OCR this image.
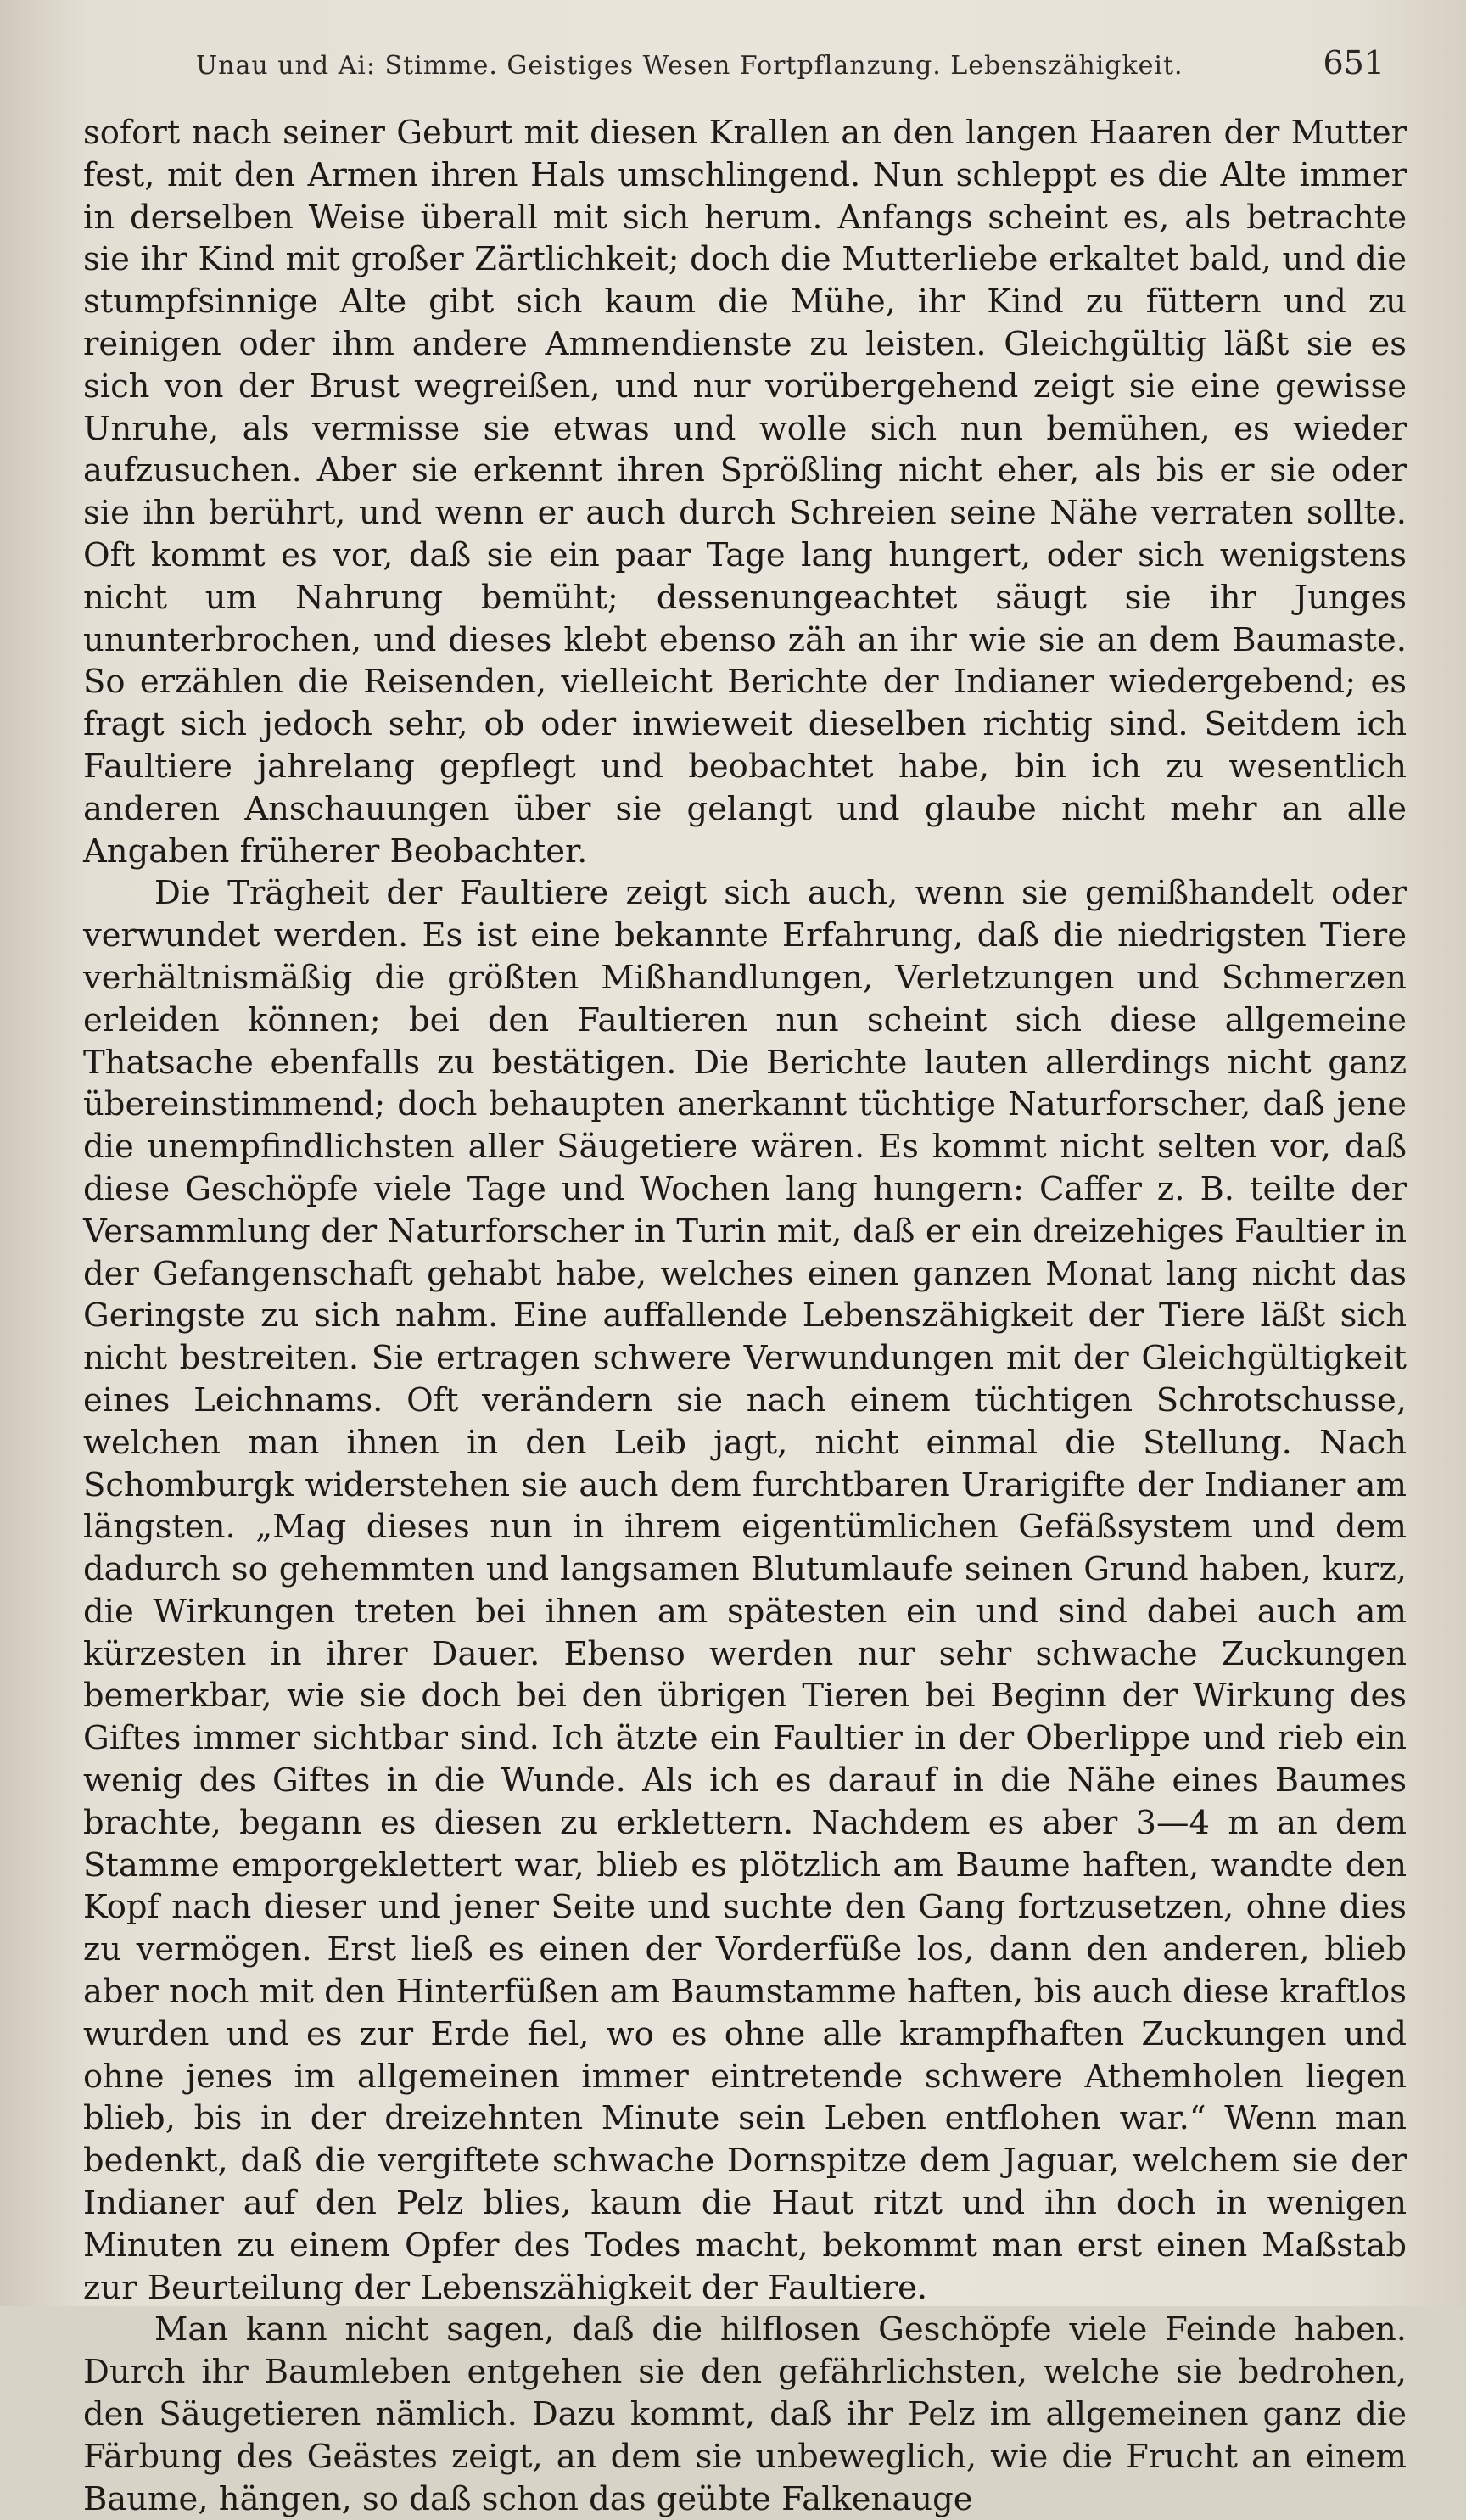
Unau und Ai: Stimme. Geistiges Wesen Fortpflanzung. Lebenszähigkeit.	651

sofort nach seiner Geburt mit diesen Krallen an den langen Haaren der Mutter fest, mit den Armen ihren Hals umschlingend. Nun schleppt es die Alte immer in derselben Weise überall mit sich herum. Anfangs scheint es, als betrachte sie ihr Kind mit großer Zärtlichkeit; doch die Mutterliebe erkaltet bald, und die stumpfsinnige Alte gibt sich kaum die Mühe, ihr Kind zu füttern und zu reinigen oder ihm andere Ammendienste zu leisten. Gleichgültig läßt sie es sich von der Brust wegreißen, und nur vorübergehend zeigt sie eine gewisse Unruhe, als vermisse sie etwas und wolle sich nun bemühen, es wieder aufzusuchen. Aber sie erkennt ihren Sprößling nicht eher, als bis er sie oder sie ihn berührt, und wenn er auch durch Schreien seine Nähe verraten sollte. Oft kommt es vor, daß sie ein paar Tage lang hungert, oder sich wenigstens nicht um Nahrung bemüht; dessenungeachtet säugt sie ihr Junges ununterbrochen, und dieses klebt ebenso zäh an ihr wie sie an dem Baumaste. So erzählen die Reisenden, vielleicht Berichte der Indianer wiedergebend; es fragt sich jedoch sehr, ob oder inwieweit dieselben richtig sind. Seitdem ich Faultiere jahrelang gepflegt und beobachtet habe, bin ich zu wesentlich anderen Anschauungen über sie gelangt und glaube nicht mehr an alle Angaben früherer Beobachter.

Die Trägheit der Faultiere zeigt sich auch, wenn sie gemißhandelt oder verwundet werden. Es ist eine bekannte Erfahrung, daß die niedrigsten Tiere verhältnismäßig die größten Mißhandlungen, Verletzungen und Schmerzen erleiden können; bei den Faultieren nun scheint sich diese allgemeine Thatsache ebenfalls zu bestätigen. Die Berichte lauten allerdings nicht ganz übereinstimmend; doch behaupten anerkannt tüchtige Naturforscher, daß jene die unempfindlichsten aller Säugetiere wären. Es kommt nicht selten vor, daß diese Geschöpfe viele Tage und Wochen lang hungern: Caffer z. B. teilte der Versammlung der Naturforscher in Turin mit, daß er ein dreizehiges Faultier in der Gefangenschaft gehabt habe, welches einen ganzen Monat lang nicht das Geringste zu sich nahm. Eine auffallende Lebenszähigkeit der Tiere läßt sich nicht bestreiten. Sie ertragen schwere Verwundungen mit der Gleichgültigkeit eines Leichnams. Oft verändern sie nach einem tüchtigen Schrotschusse, welchen man ihnen in den Leib jagt, nicht einmal die Stellung. Nach Schomburgk widerstehen sie auch dem furchtbaren Urarigifte der Indianer am längsten. „Mag dieses nun in ihrem eigentümlichen Gefäßsystem und dem dadurch so gehemmten und langsamen Blutumlaufe seinen Grund haben, kurz, die Wirkungen treten bei ihnen am spätesten ein und sind dabei auch am kürzesten in ihrer Dauer. Ebenso werden nur sehr schwache Zuckungen bemerkbar, wie sie doch bei den übrigen Tieren bei Beginn der Wirkung des Giftes immer sichtbar sind. Ich ätzte ein Faultier in der Oberlippe und rieb ein wenig des Giftes in die Wunde. Als ich es darauf in die Nähe eines Baumes brachte, begann es diesen zu erklettern. Nachdem es aber 3—4 m an dem Stamme emporgeklettert war, blieb es plötzlich am Baume haften, wandte den Kopf nach dieser und jener Seite und suchte den Gang fortzusetzen, ohne dies zu vermögen. Erst ließ es einen der Vorderfüße los, dann den anderen, blieb aber noch mit den Hinterfüßen am Baumstamme haften, bis auch diese kraftlos wurden und es zur Erde fiel, wo es ohne alle krampfhaften Zuckungen und ohne jenes im allgemeinen immer eintretende schwere Athemholen liegen blieb, bis in der dreizehnten Minute sein Leben entflohen war.“ Wenn man bedenkt, daß die vergiftete schwache Dornspitze dem Jaguar, welchem sie der Indianer auf den Pelz blies, kaum die Haut ritzt und ihn doch in wenigen Minuten zu einem Opfer des Todes macht, bekommt man erst einen Maßstab zur Beurteilung der Lebenszähigkeit der Faultiere.

Man kann nicht sagen, daß die hilflosen Geschöpfe viele Feinde haben. Durch ihr Baumleben entgehen sie den gefährlichsten, welche sie bedrohen, den Säugetieren nämlich. Dazu kommt, daß ihr Pelz im allgemeinen ganz die Färbung des Geästes zeigt, an dem sie unbeweglich, wie die Frucht an einem Baume, hängen, so daß schon das geübte Falkenauge
